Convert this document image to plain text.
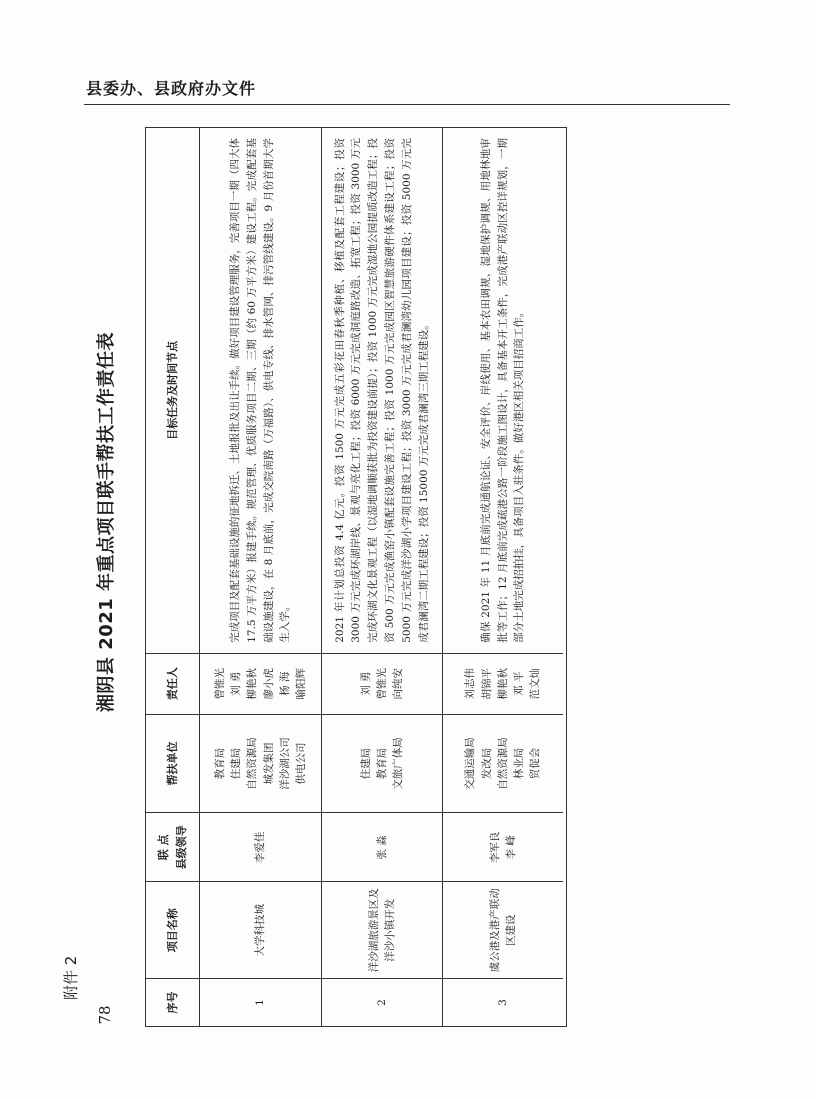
县委办、县政府办文件
附件 2
78
湘阴县 2021 年重点项目联手帮扶工作责任表
序号
项目名称
联 点
县级领导
帮扶单位
责任人
目标任务及时间节点
1
大学科技城
李爱佳
教育局 住建局 自然资源局 城发集团 洋沙湖公司 供电公司
曾锥光 刘 勇 柳艳秋 廖小虎 杨 海 喻阳辉
完成项目及配套基础设施的征地拆迁、土地报批及出让手续。做好项目建设管理服务，完善项目一期（四大体 17.5 万平方米）报建手续。规范管理、优质服务项目二期、三期（约 60 万平方米）建设工程。完成配套基础设施建设，在 8 月底前，完成交院南路（万福路）、供电专线、排水管网、排污管线建设。9 月份首期大学生入学。
2
洋沙湖旅游景区及洋沙小镇开发
张 淼
住建局 教育局 文旅广体局
刘 勇 曾锥光 向纯安
2021 年计划总投资 4.4 亿元。投资 1500 万元完成五彩花田春秋季种植、移植及配套工程建设；投资 3000 万元完成环湖岸线、景观与亮化工程；投资 6000 万元完成洞庭路改造、拓宽工程；投资 3000 万元完成环湖文化景观工程（以湿地调顺获批为投资建设前提）；投资 1000 万元完成湿地公园提质改造工程；投资 500 万元完成渔窑小镇配套设施完善工程；投资 1000 万元完成园区智慧旅游硬件体系建设工程；投资 5000 万元完成洋沙湖小学项目建设工程；投资 3000 万元完成君澜湾幼儿园项目建设；投资 5000 万元完成君澜湾二期工程建设；投资 15000 万元完成君澜湾三期工程建设。
3
虞公港及港产联动区建设
李军良 李 峰
交通运输局 发改局 自然资源局 林业局 贸促会
刘志伟 胡锦平 柳艳秋 邓 平 范文灿
确保 2021 年 11 月底前完成通航论证、安全评价、岸线使用、基本农田调规、湿地保护调规、用地林地审批等工作；12 月底前完成疏港公路一阶段施工图设计，具备基本开工条件，完成港产联动区控详规划，一期部分土地完成招拍挂，具备项目入驻条件。做好港区相关项目招商工作。
